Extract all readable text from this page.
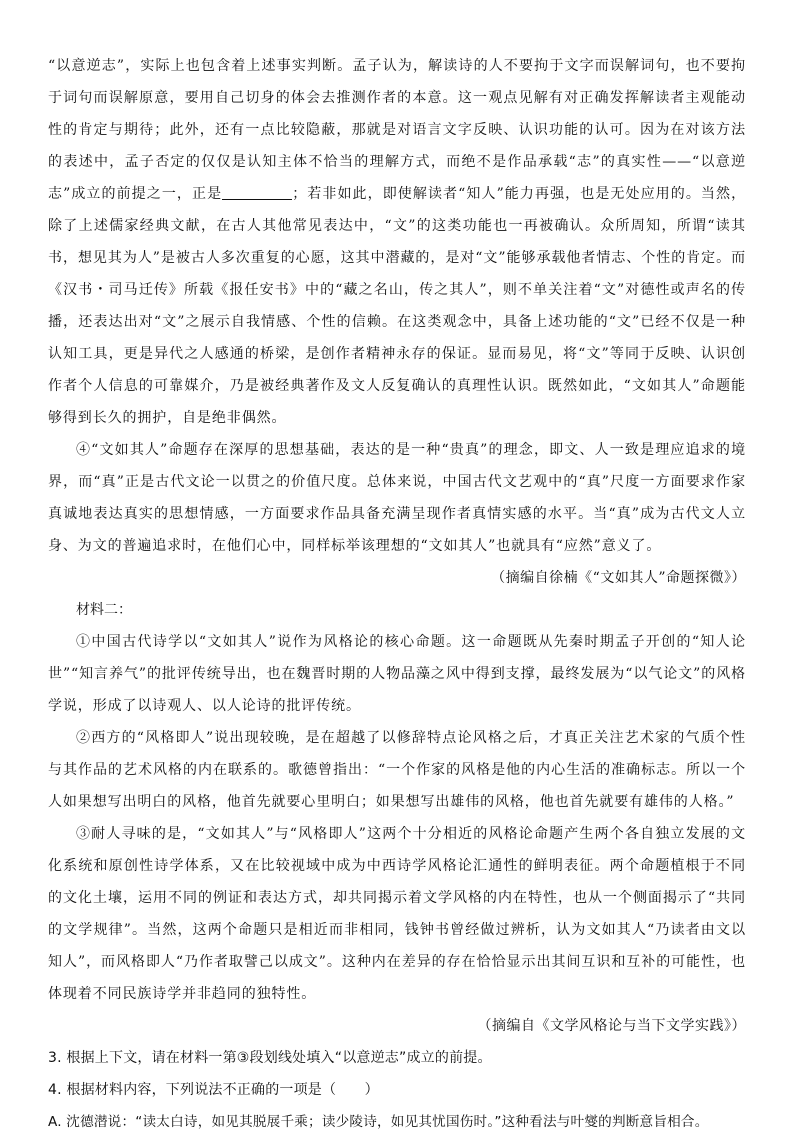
“以意逆志”，实际上也包含着上述事实判断。孟子认为，解读诗的人不要拘于文字而误解词句，也不要拘于词句而误解原意，要用自己切身的体会去推测作者的本意。这一观点见解有对正确发挥解读者主观能动性的肯定与期待；此外，还有一点比较隐蔽，那就是对语言文字反映、认识功能的认可。因为在对该方法的表述中，孟子否定的仅仅是认知主体不恰当的理解方式，而绝不是作品承载“志”的真实性——“以意逆志”成立的前提之一，正是	；若非如此，即使解读者“知人”能力再强，也是无处应用的。当然，除了上述儒家经典文献，在古人其他常见表达中，“文”的这类功能也一再被确认。众所周知，所谓“读其书，想见其为人”是被古人多次重复的心愿，这其中潜藏的，是对“文”能够承载他者情志、个性的肯定。而《汉书・司马迁传》所载《报任安书》中的“藏之名山，传之其人”，则不单关注着“文”对德性或声名的传播，还表达出对“文”之展示自我情感、个性的信赖。在这类观念中，具备上述功能的“文”已经不仅是一种认知工具，更是异代之人感通的桥梁，是创作者精神永存的保证。显而易见，将“文”等同于反映、认识创作者个人信息的可靠媒介，乃是被经典著作及文人反复确认的真理性认识。既然如此，“文如其人”命题能够得到长久的拥护，自是绝非偶然。

④“文如其人”命题存在深厚的思想基础，表达的是一种“贵真”的理念，即文、人一致是理应追求的境界，而“真”正是古代文论一以贯之的价值尺度。总体来说，中国古代文艺观中的“真”尺度一方面要求作家真诚地表达真实的思想情感，一方面要求作品具备充满呈现作者真情实感的水平。当“真”成为古代文人立身、为文的普遍追求时，在他们心中，同样标举该理想的“文如其人”也就具有“应然”意义了。

（摘编自徐楠《“文如其人”命题探微》）

材料二：

①中国古代诗学以“文如其人”说作为风格论的核心命题。这一命题既从先秦时期孟子开创的“知人论世”“知言养气”的批评传统导出，也在魏晋时期的人物品藻之风中得到支撑，最终发展为“以气论文”的风格学说，形成了以诗观人、以人论诗的批评传统。

②西方的“风格即人”说出现较晚，是在超越了以修辞特点论风格之后，才真正关注艺术家的气质个性与其作品的艺术风格的内在联系的。歌德曾指出：“一个作家的风格是他的内心生活的准确标志。所以一个人如果想写出明白的风格，他首先就要心里明白；如果想写出雄伟的风格，他也首先就要有雄伟的人格。”

③耐人寻味的是，“文如其人”与“风格即人”这两个十分相近的风格论命题产生两个各自独立发展的文化系统和原创性诗学体系，又在比较视域中成为中西诗学风格论汇通性的鲜明表征。两个命题植根于不同的文化土壤，运用不同的例证和表达方式，却共同揭示着文学风格的内在特性，也从一个侧面揭示了“共同的文学规律”。当然，这两个命题只是相近而非相同，钱钟书曾经做过辨析，认为文如其人“乃读者由文以知人”，而风格即人“乃作者取譬己以成文”。这种内在差异的存在恰恰显示出其间互识和互补的可能性，也体现着不同民族诗学并非趋同的独特性。

（摘编自《文学风格论与当下文学实践》）

3. 根据上下文，请在材料一第③段划线处填入“以意逆志”成立的前提。

4. 根据材料内容，下列说法不正确的一项是（　　）

A. 沈德潜说：“读太白诗，如见其脱展千乘；读少陵诗，如见其忧国伤时。”这种看法与叶燮的判断意旨相合。
